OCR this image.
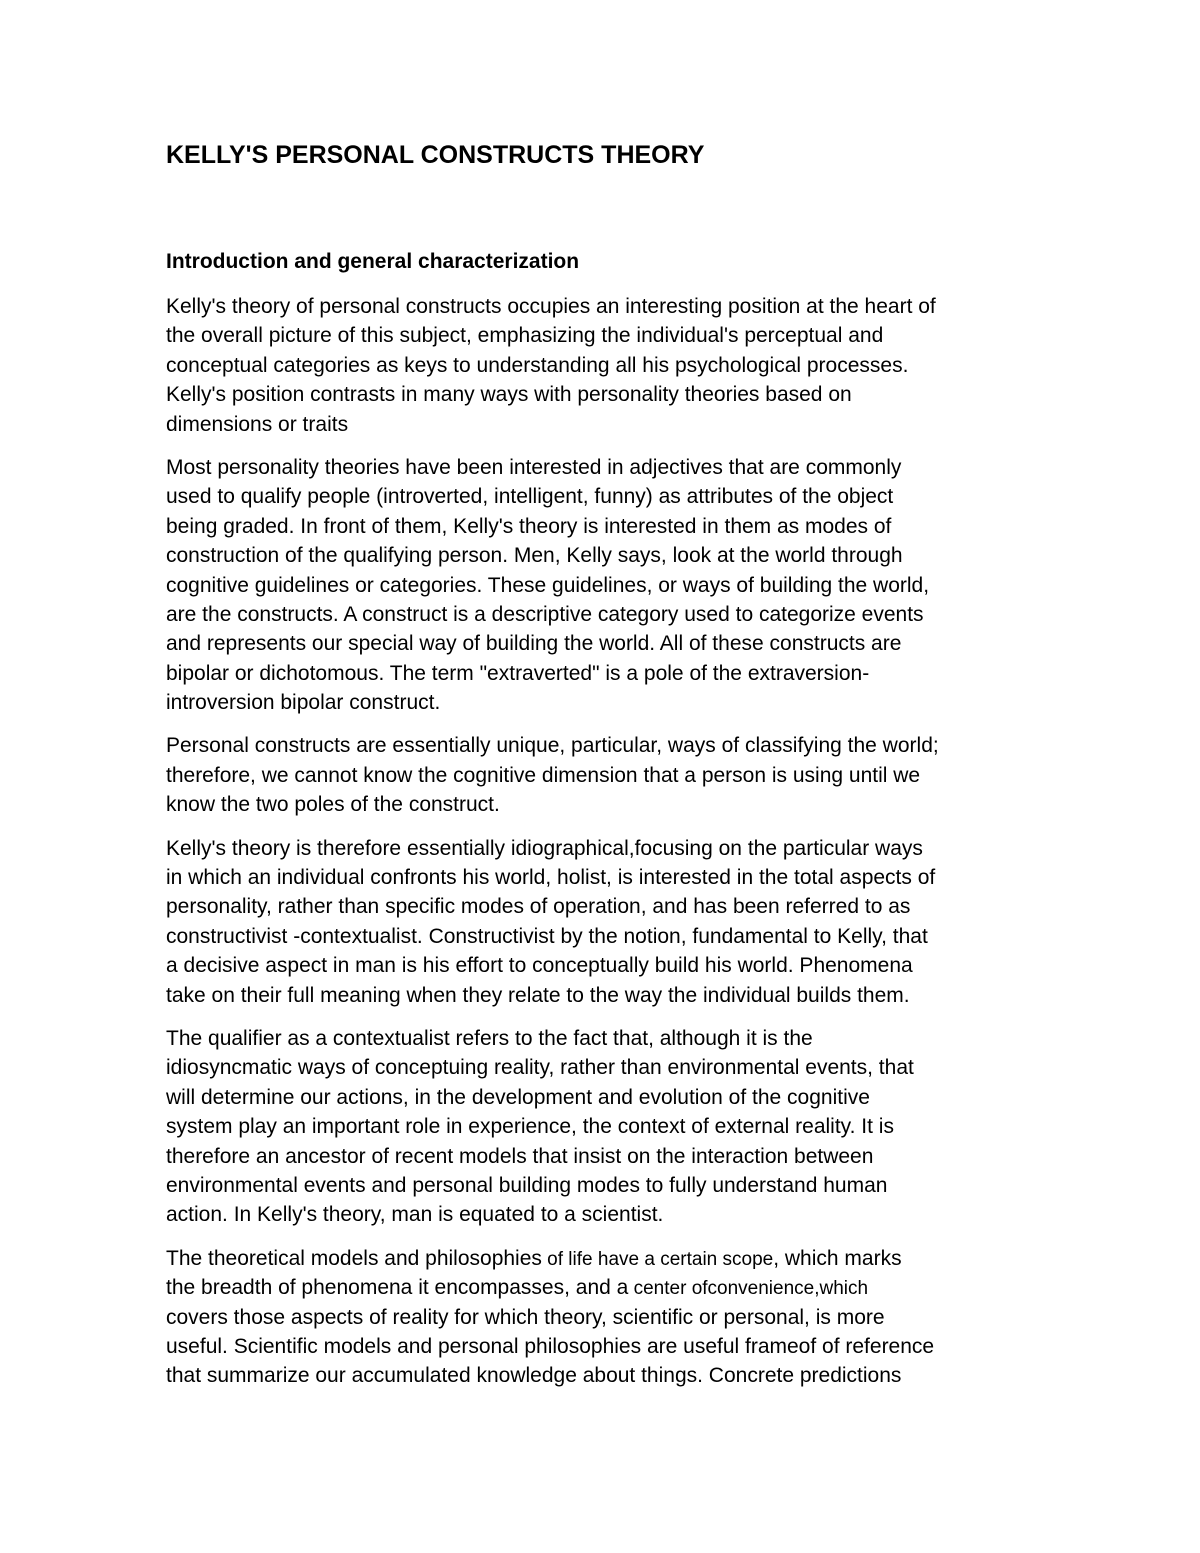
KELLY'S PERSONAL CONSTRUCTS THEORY
Introduction and general characterization

Kelly's theory of personal constructs occupies an interesting position at the heart of
the overall picture of this subject, emphasizing the individual's perceptual and
conceptual categories as keys to understanding all his psychological processes.
Kelly's position contrasts in many ways with personality theories based on
dimensions or traits

Most personality theories have been interested in adjectives that are commonly
used to qualify people (introverted, intelligent, funny) as attributes of the object
being graded. In front of them, Kelly's theory is interested in them as modes of
construction of the qualifying person. Men, Kelly says, look at the world through
cognitive guidelines or categories. These guidelines, or ways of building the world,
are the constructs. A construct is a descriptive category used to categorize events
and represents our special way of building the world. All of these constructs are
bipolar or dichotomous. The term "extraverted" is a pole of the extraversion-
introversion bipolar construct.

Personal constructs are essentially unique, particular, ways of classifying the world;
therefore, we cannot know the cognitive dimension that a person is using until we
know the two poles of the construct.

Kelly's theory is therefore essentially idiographical,focusing on the particular ways
in which an individual confronts his world, holist, is interested in the total aspects of
personality, rather than specific modes of operation, and has been referred to as
constructivist -contextualist. Constructivist by the notion, fundamental to Kelly, that
a decisive aspect in man is his effort to conceptually build his world. Phenomena
take on their full meaning when they relate to the way the individual builds them.

The qualifier as a contextualist refers to the fact that, although it is the
idiosyncmatic ways of conceptuing reality, rather than environmental events, that
will determine our actions, in the development and evolution of the cognitive
system play an important role in experience, the context of external reality. It is
therefore an ancestor of recent models that insist on the interaction between
environmental events and personal building modes to fully understand human
action. In Kelly's theory, man is equated to a scientist.

The theoretical models and philosophies of life have a certain scope, which marks
the breadth of phenomena it encompasses, and a center ofconvenience,which
covers those aspects of reality for which theory, scientific or personal, is more
useful. Scientific models and personal philosophies are useful frameof of reference
that summarize our accumulated knowledge about things. Concrete predictions
